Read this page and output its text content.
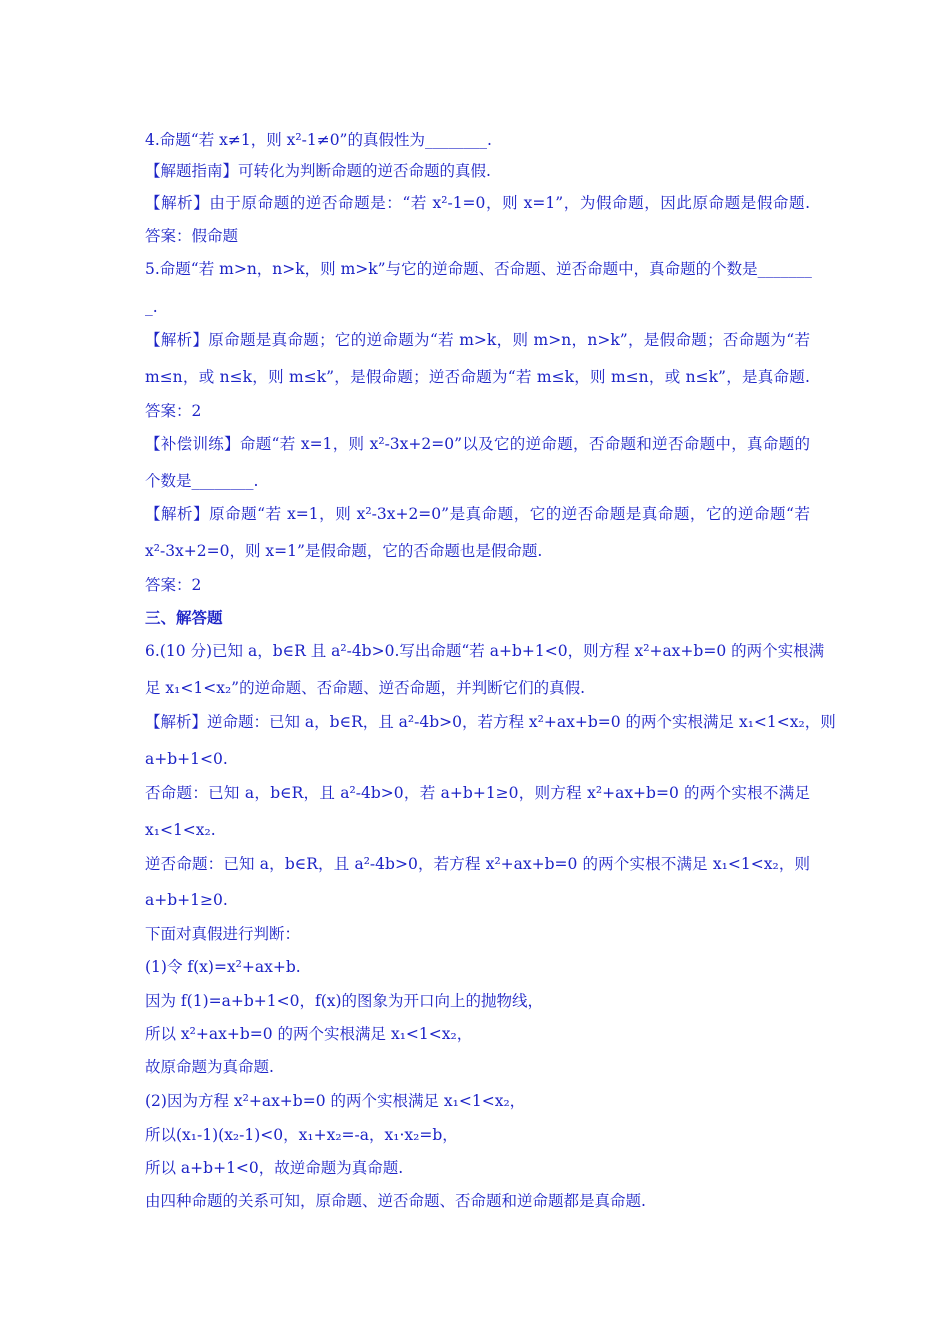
4.命题“若 x≠1，则 x²-1≠0”的真假性为________.
【解题指南】可转化为判断命题的逆否命题的真假.
【解析】由于原命题的逆否命题是：“若 x²-1=0，则 x=1”，为假命题，因此原命题是假命题.
答案：假命题
5.命题“若 m>n，n>k，则 m>k”与它的逆命题、否命题、逆否命题中，真命题的个数是_______
_.
【解析】原命题是真命题；它的逆命题为“若 m>k，则 m>n，n>k”，是假命题；否命题为“若
m≤n，或 n≤k，则 m≤k”，是假命题；逆否命题为“若 m≤k，则 m≤n，或 n≤k”，是真命题.
答案：2
【补偿训练】命题“若 x=1，则 x²-3x+2=0”以及它的逆命题，否命题和逆否命题中，真命题的
个数是________.
【解析】原命题“若 x=1，则 x²-3x+2=0”是真命题，它的逆否命题是真命题，它的逆命题“若
x²-3x+2=0，则 x=1”是假命题，它的否命题也是假命题.
答案：2
三、解答题
6.(10 分)已知 a，b∈R 且 a²-4b>0.写出命题“若 a+b+1<0，则方程 x²+ax+b=0 的两个实根满
足 x₁<1<x₂”的逆命题、否命题、逆否命题，并判断它们的真假.
【解析】逆命题：已知 a，b∈R，且 a²-4b>0，若方程 x²+ax+b=0 的两个实根满足 x₁<1<x₂，则
a+b+1<0.
否命题：已知 a，b∈R，且 a²-4b>0，若 a+b+1≥0，则方程 x²+ax+b=0 的两个实根不满足
x₁<1<x₂.
逆否命题：已知 a，b∈R，且 a²-4b>0，若方程 x²+ax+b=0 的两个实根不满足 x₁<1<x₂，则
a+b+1≥0.
下面对真假进行判断：
(1)令 f(x)=x²+ax+b.
因为 f(1)=a+b+1<0，f(x)的图象为开口向上的抛物线，
所以 x²+ax+b=0 的两个实根满足 x₁<1<x₂，
故原命题为真命题.
(2)因为方程 x²+ax+b=0 的两个实根满足 x₁<1<x₂，
所以(x₁-1)(x₂-1)<0，x₁+x₂=-a，x₁·x₂=b，
所以 a+b+1<0，故逆命题为真命题.
由四种命题的关系可知，原命题、逆否命题、否命题和逆命题都是真命题.
